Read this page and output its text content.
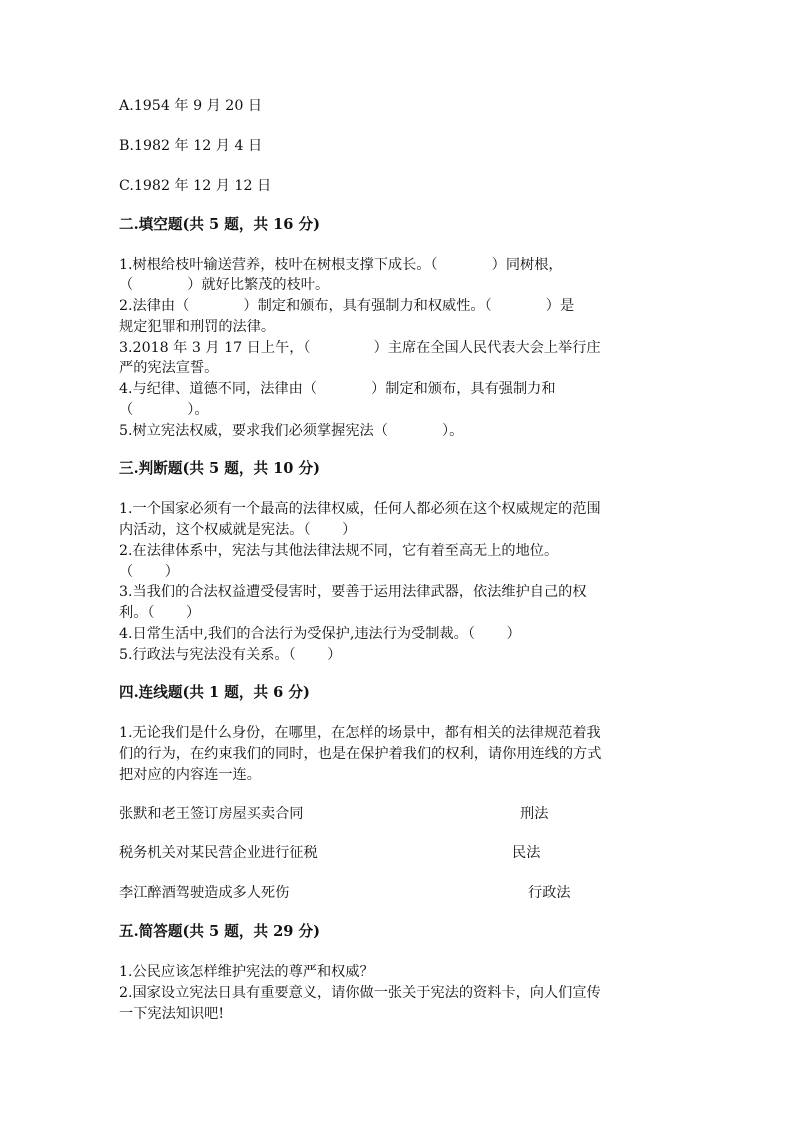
A.1954 年 9 月 20 日
B.1982 年 12 月 4 日
C.1982 年 12 月 12 日
二.填空题(共 5 题，共 16 分)
1.树根给枝叶输送营养，枝叶在树根支撑下成长。（            ）同树根，
（            ）就好比繁茂的枝叶。
2.法律由（            ）制定和颁布，具有强制力和权威性。（            ）是
规定犯罪和刑罚的法律。
3.2018 年 3 月 17 日上午，（              ）主席在全国人民代表大会上举行庄
严的宪法宣誓。
4.与纪律、道德不同，法律由（            ）制定和颁布，具有强制力和
（            ）。
5.树立宪法权威，要求我们必须掌握宪法（            ）。
三.判断题(共 5 题，共 10 分)
1.一个国家必须有一个最高的法律权威，任何人都必须在这个权威规定的范围
内活动，这个权威就是宪法。（       ）
2.在法律体系中，宪法与其他法律法规不同，它有着至高无上的地位。
（       ）
3.当我们的合法权益遭受侵害时，要善于运用法律武器，依法维护自己的权
利。（       ）
4.日常生活中,我们的合法行为受保护,违法行为受制裁。（       ）
5.行政法与宪法没有关系。（       ）
四.连线题(共 1 题，共 6 分)
1.无论我们是什么身份，在哪里，在怎样的场景中，都有相关的法律规范着我
们的行为，在约束我们的同时，也是在保护着我们的权利，请你用连线的方式
把对应的内容连一连。
张默和老王签订房屋买卖合同	刑法
税务机关对某民营企业进行征税	民法
李江醉酒驾驶造成多人死伤	行政法
五.简答题(共 5 题，共 29 分)
1.公民应该怎样维护宪法的尊严和权威？
2.国家设立宪法日具有重要意义，请你做一张关于宪法的资料卡，向人们宣传
一下宪法知识吧!
